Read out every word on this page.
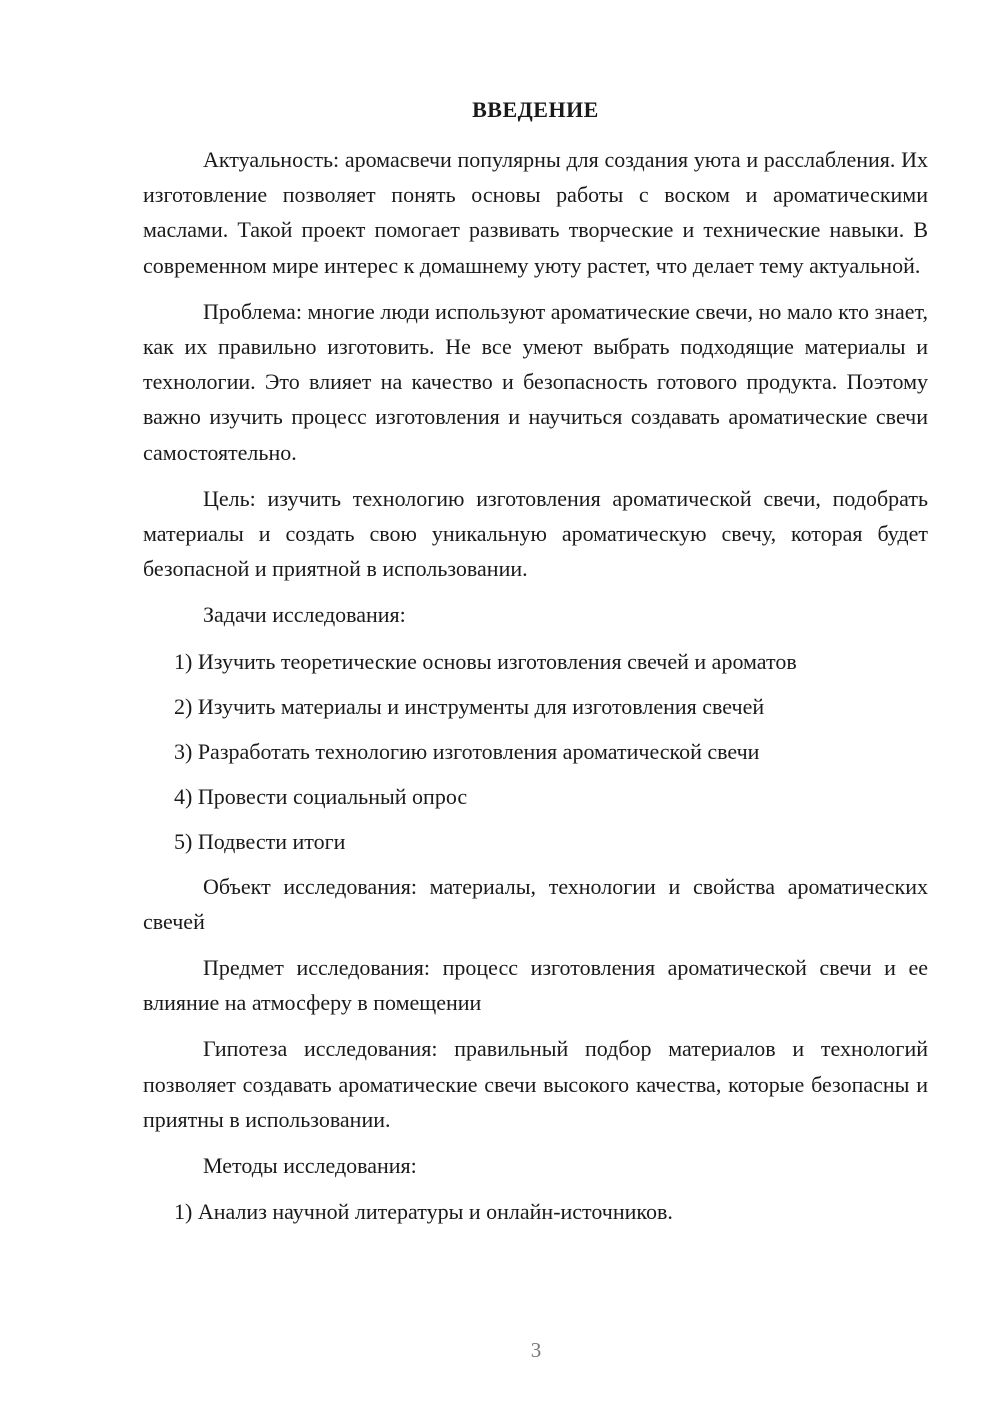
ВВЕДЕНИЕ

Актуальность: аромасвечи популярны для создания уюта и расслабления. Их изготовление позволяет понять основы работы с воском и ароматическими маслами. Такой проект помогает развивать творческие и технические навыки. В современном мире интерес к домашнему уюту растет, что делает тему актуальной.

Проблема: многие люди используют ароматические свечи, но мало кто знает, как их правильно изготовить. Не все умеют выбрать подходящие материалы и технологии. Это влияет на качество и безопасность готового продукта. Поэтому важно изучить процесс изготовления и научиться создавать ароматические свечи самостоятельно.

Цель: изучить технологию изготовления ароматической свечи, подобрать материалы и создать свою уникальную ароматическую свечу, которая будет безопасной и приятной в использовании.

Задачи исследования:

1) Изучить теоретические основы изготовления свечей и ароматов
2) Изучить материалы и инструменты для изготовления свечей
3) Разработать технологию изготовления ароматической свечи
4) Провести социальный опрос
5) Подвести итоги

Объект исследования: материалы, технологии и свойства ароматических свечей

Предмет исследования: процесс изготовления ароматической свечи и ее влияние на атмосферу в помещении

Гипотеза исследования: правильный подбор материалов и технологий позволяет создавать ароматические свечи высокого качества, которые безопасны и приятны в использовании.

Методы исследования:

1) Анализ научной литературы и онлайн-источников.
3
